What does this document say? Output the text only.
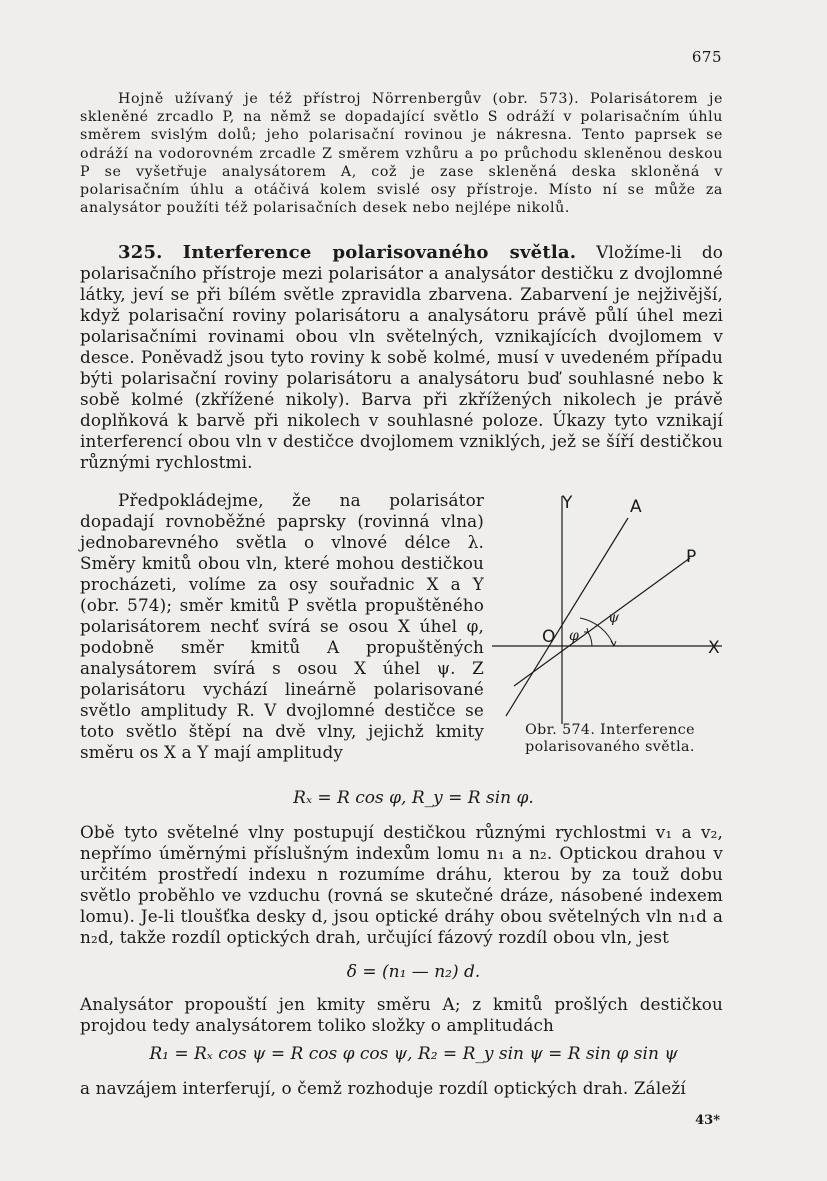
675

Hojně užívaný je též přístroj Nörrenbergův (obr. 573). Polarisátorem je skleněné zrcadlo P, na němž se dopadající světlo S odráží v polarisačním úhlu směrem svislým dolů; jeho polarisační rovinou je nákresna. Tento paprsek se odráží na vodorovném zrcadle Z směrem vzhůru a po průchodu skleněnou deskou P se vyšetřuje analysátorem A, což je zase skleněná deska skloněná v polarisačním úhlu a otáčivá kolem svislé osy přístroje. Místo ní se může za analysátor použíti též polarisačních desek nebo nejlépe nikolů.

325. Interference polarisovaného světla. Vložíme-li do polarisačního přístroje mezi polarisátor a analysátor destičku z dvojlomné látky, jeví se při bílém světle zpravidla zbarvena. Zabarvení je nejživější, když polarisační roviny polarisátoru a analysátoru právě půlí úhel mezi polarisačními rovinami obou vln světelných, vznikajících dvojlomem v desce. Poněvadž jsou tyto roviny k sobě kolmé, musí v uvedeném případu býti polarisační roviny polarisátoru a analysátoru buď souhlasné nebo k sobě kolmé (zkřížené nikoly). Barva při zkřížených nikolech je právě doplňková k barvě při nikolech v souhlasné poloze. Úkazy tyto vznikají interferencí obou vln v destičce dvojlomem vzniklých, jež se šíří destičkou různými rychlostmi.

Předpokládejme, že na polarisátor dopadají rovnoběžné paprsky (rovinná vlna) jednobarevného světla o vlnové délce λ. Směry kmitů obou vln, které mohou destičkou procházeti, volíme za osy souřadnic X a Y (obr. 574); směr kmitů P světla propuštěného polarisátorem nechť svírá se osou X úhel φ, podobně směr kmitů A propuštěných analysátorem svírá s osou X úhel ψ. Z polarisátoru vychází lineárně polarisované světlo amplitudy R. V dvojlomné destičce se toto světlo štěpí na dvě vlny, jejichž kmity směru os X a Y mají amplitudy

Y	A
P
O
X
φ
ψ
Obr. 574. Interference polarisovaného světla.
Rₓ = R cos φ, R_y = R sin φ.

Obě tyto světelné vlny postupují destičkou různými rychlostmi v₁ a v₂, nepřímo úměrnými příslušným indexům lomu n₁ a n₂. Optickou drahou v určitém prostředí indexu n rozumíme dráhu, kterou by za touž dobu světlo proběhlo ve vzduchu (rovná se skutečné dráze, násobené indexem lomu). Je-li tloušťka desky d, jsou optické dráhy obou světelných vln n₁d a n₂d, takže rozdíl optických drah, určující fázový rozdíl obou vln, jest

δ = (n₁ — n₂) d.

Analysátor propouští jen kmity směru A; z kmitů prošlých destičkou projdou tedy analysátorem toliko složky o amplitudách

R₁ = Rₓ cos ψ = R cos φ cos ψ, R₂ = R_y sin ψ = R sin φ sin ψ

a navzájem interferují, o čemž rozhoduje rozdíl optických drah. Záleží

43*
